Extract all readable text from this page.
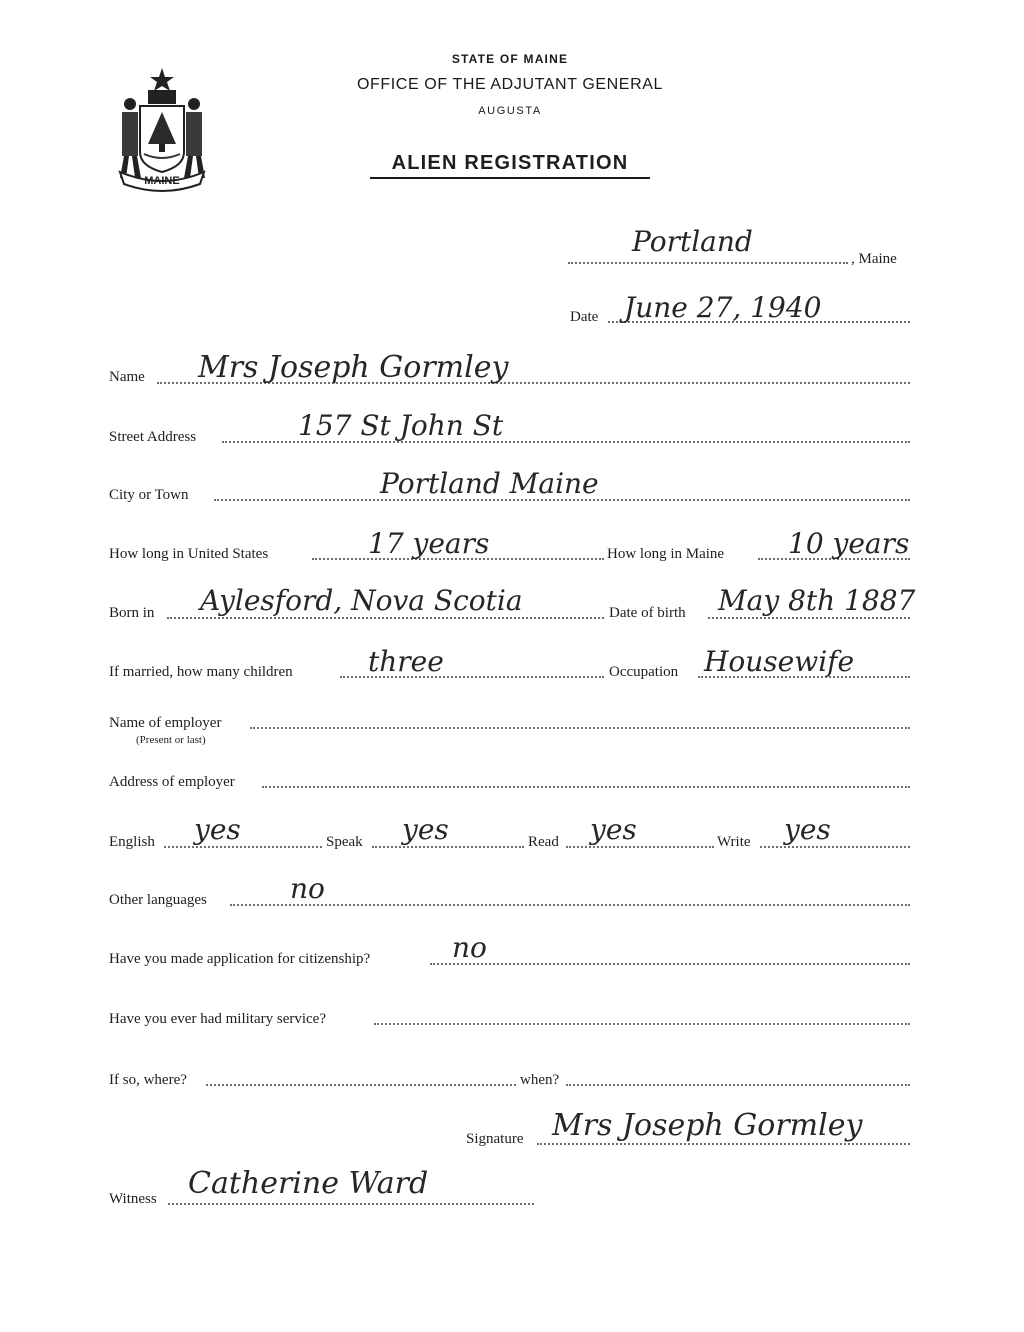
MAINE
STATE OF MAINE
OFFICE OF THE ADJUTANT GENERAL
AUGUSTA
ALIEN REGISTRATION
Portland
, Maine
Date June 27, 1940
Name Mrs Joseph Gormley
Street Address	157 St John St
City or Town	Portland Maine
How long in United States	17 years	How long in Maine 10 years
Born in Aylesford, Nova Scotia	Date of birth May 8th 1887
If married, how many children	three	Occupation Housewife
Name of employer
(Present or last)
Address of employer
English yes	Speak yes	Read yes	Write yes
Other languages	no
Have you made application for citizenship?	no
Have you ever had military service?
If so, where?	when?
Signature Mrs Joseph Gormley
Witness Catherine Ward
